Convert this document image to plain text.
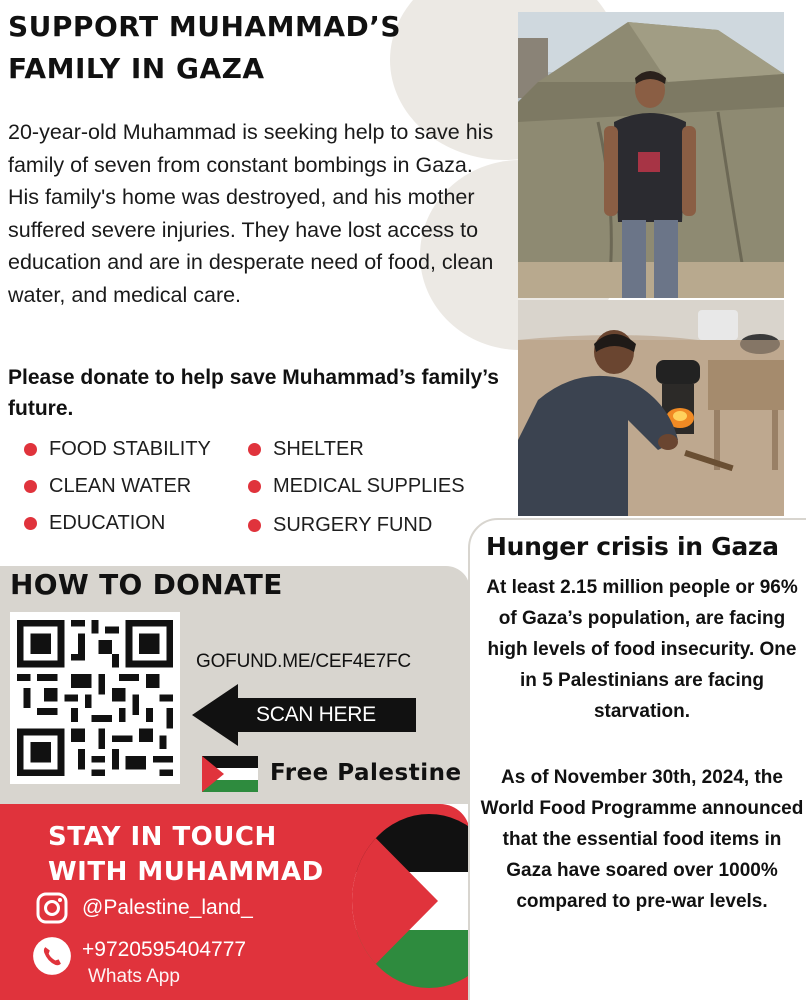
SUPPORT MUHAMMAD’S FAMILY IN GAZA
20-year-old Muhammad is seeking help to save his family of seven from constant bombings in Gaza. His family's home was destroyed, and his mother suffered severe injuries. They have lost access to education and are in desperate need of food, clean water, and medical care.
Please donate to help save Muhammad’s family’s future.
FOOD STABILITY
CLEAN WATER
EDUCATION
SHELTER
MEDICAL SUPPLIES
SURGERY FUND
HOW TO DONATE
GOFUND.ME/CEF4E7FC
SCAN HERE
Free Palestine
STAY IN TOUCH WITH MUHAMMAD
@Palestine_land_
+9720595404777
Whats App
Hunger crisis in Gaza
At least 2.15 million people or 96% of Gaza’s population, are facing high levels of food insecurity. One in 5 Palestinians are facing starvation.
As of November 30th, 2024, the World Food Programme announced that the essential food items in Gaza have soared over 1000% compared to pre-war levels.
